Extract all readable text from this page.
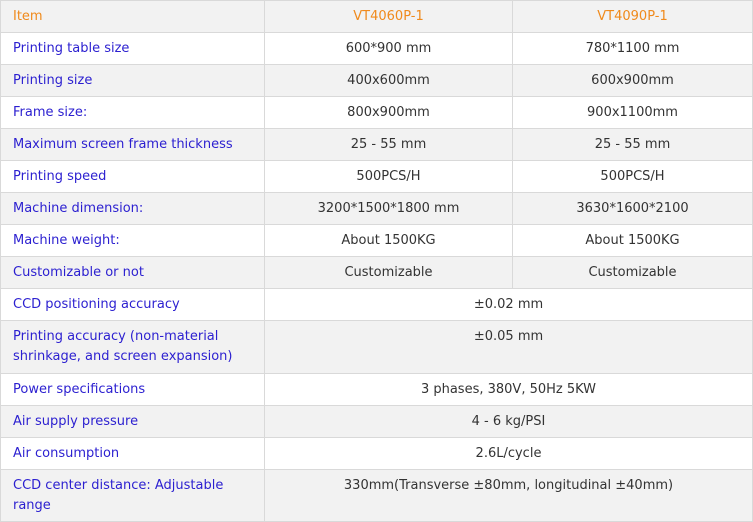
Item	VT4060P-1	VT4090P-1
Printing table size	600*900 mm	780*1100 mm
Printing size	400x600mm	600x900mm
Frame size:	800x900mm	900x1100mm
Maximum screen frame thickness	25 - 55 mm	25 - 55 mm
Printing speed	500PCS/H	500PCS/H
Machine dimension:	3200*1500*1800 mm	3630*1600*2100
Machine weight:	About 1500KG	About 1500KG
Customizable or not	Customizable	Customizable
CCD positioning accuracy	±0.02 mm	
Printing accuracy (non-material shrinkage, and screen expansion)	±0.05 mm	
Power specifications	3 phases, 380V, 50Hz 5KW	
Air supply pressure	4 - 6 kg/PSI	
Air consumption	2.6L/cycle	
CCD center distance: Adjustable range	330mm(Transverse ±80mm, longitudinal ±40mm)	
